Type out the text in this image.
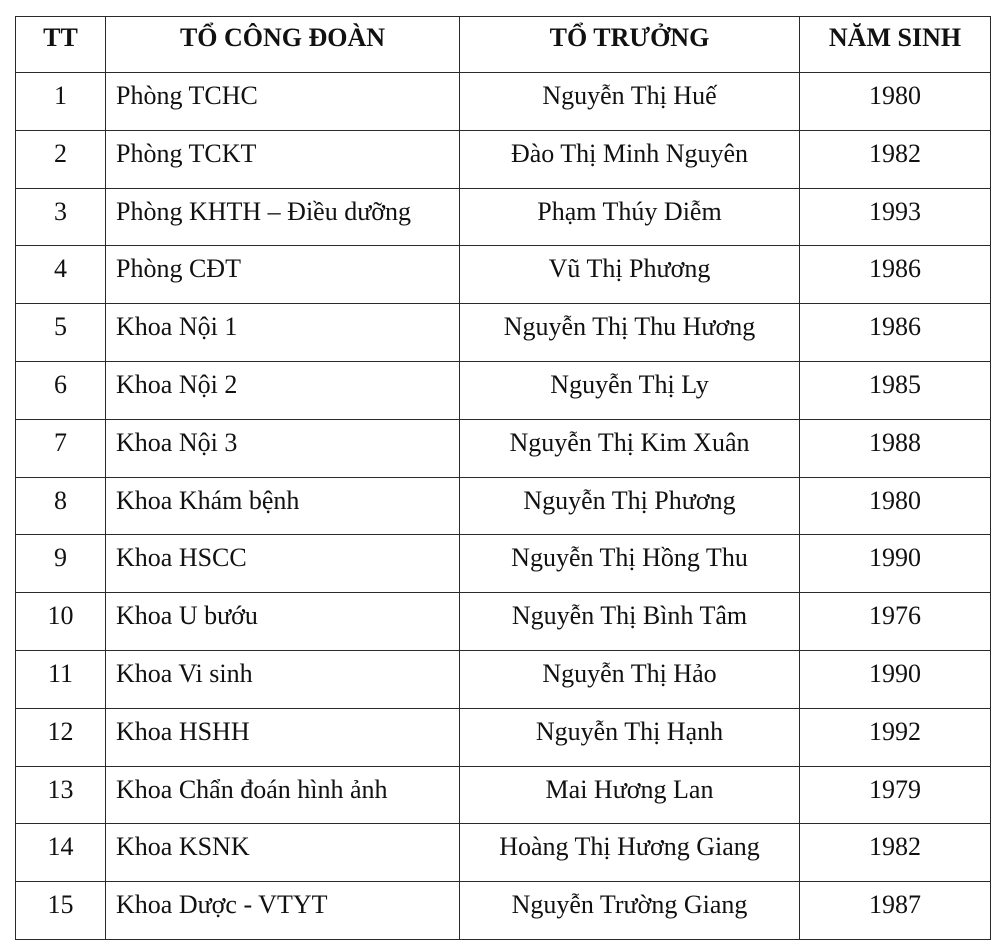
TT	TỔ CÔNG ĐOÀN	TỔ TRƯỞNG	NĂM SINH
1	Phòng TCHC	Nguyễn Thị Huế	1980
2	Phòng TCKT	Đào Thị Minh Nguyên	1982
3	Phòng KHTH – Điều dưỡng	Phạm Thúy Diễm	1993
4	Phòng CĐT	Vũ Thị Phương	1986
5	Khoa Nội 1	Nguyễn Thị Thu Hương	1986
6	Khoa Nội 2	Nguyễn Thị Ly	1985
7	Khoa Nội 3	Nguyễn Thị Kim Xuân	1988
8	Khoa Khám bệnh	Nguyễn Thị Phương	1980
9	Khoa HSCC	Nguyễn Thị Hồng Thu	1990
10	Khoa U bướu	Nguyễn Thị Bình Tâm	1976
11	Khoa Vi sinh	Nguyễn Thị Hảo	1990
12	Khoa HSHH	Nguyễn Thị Hạnh	1992
13	Khoa Chẩn đoán hình ảnh	Mai Hương Lan	1979
14	Khoa KSNK	Hoàng Thị Hương Giang	1982
15	Khoa Dược - VTYT	Nguyễn Trường Giang	1987
